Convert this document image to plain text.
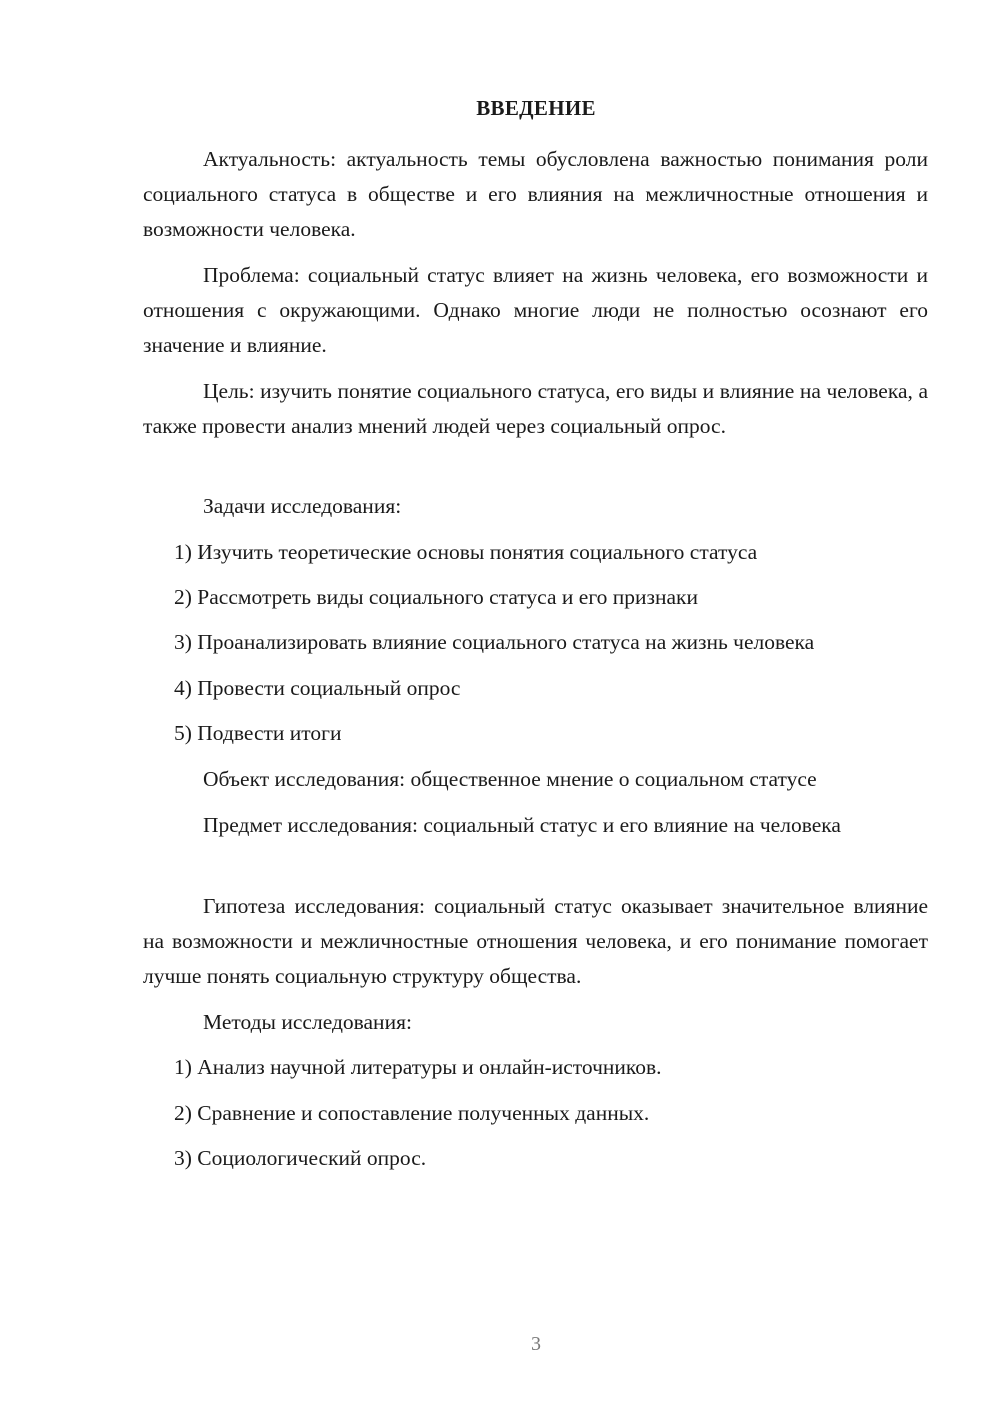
ВВЕДЕНИЕ
Актуальность: актуальность темы обусловлена важностью понимания роли социального статуса в обществе и его влияния на межличностные отношения и возможности человека.
Проблема: социальный статус влияет на жизнь человека, его возможности и отношения с окружающими. Однако многие люди не полностью осознают его значение и влияние.
Цель: изучить понятие социального статуса, его виды и влияние на человека, а также провести анализ мнений людей через социальный опрос.
Задачи исследования:
1) Изучить теоретические основы понятия социального статуса
2) Рассмотреть виды социального статуса и его признаки
3) Проанализировать влияние социального статуса на жизнь человека
4) Провести социальный опрос
5) Подвести итоги
Объект исследования: общественное мнение о социальном статусе
Предмет исследования: социальный статус и его влияние на человека
Гипотеза исследования: социальный статус оказывает значительное влияние на возможности и межличностные отношения человека, и его понимание помогает лучше понять социальную структуру общества.
Методы исследования:
1) Анализ научной литературы и онлайн-источников.
2) Сравнение и сопоставление полученных данных.
3) Социологический опрос.
3
